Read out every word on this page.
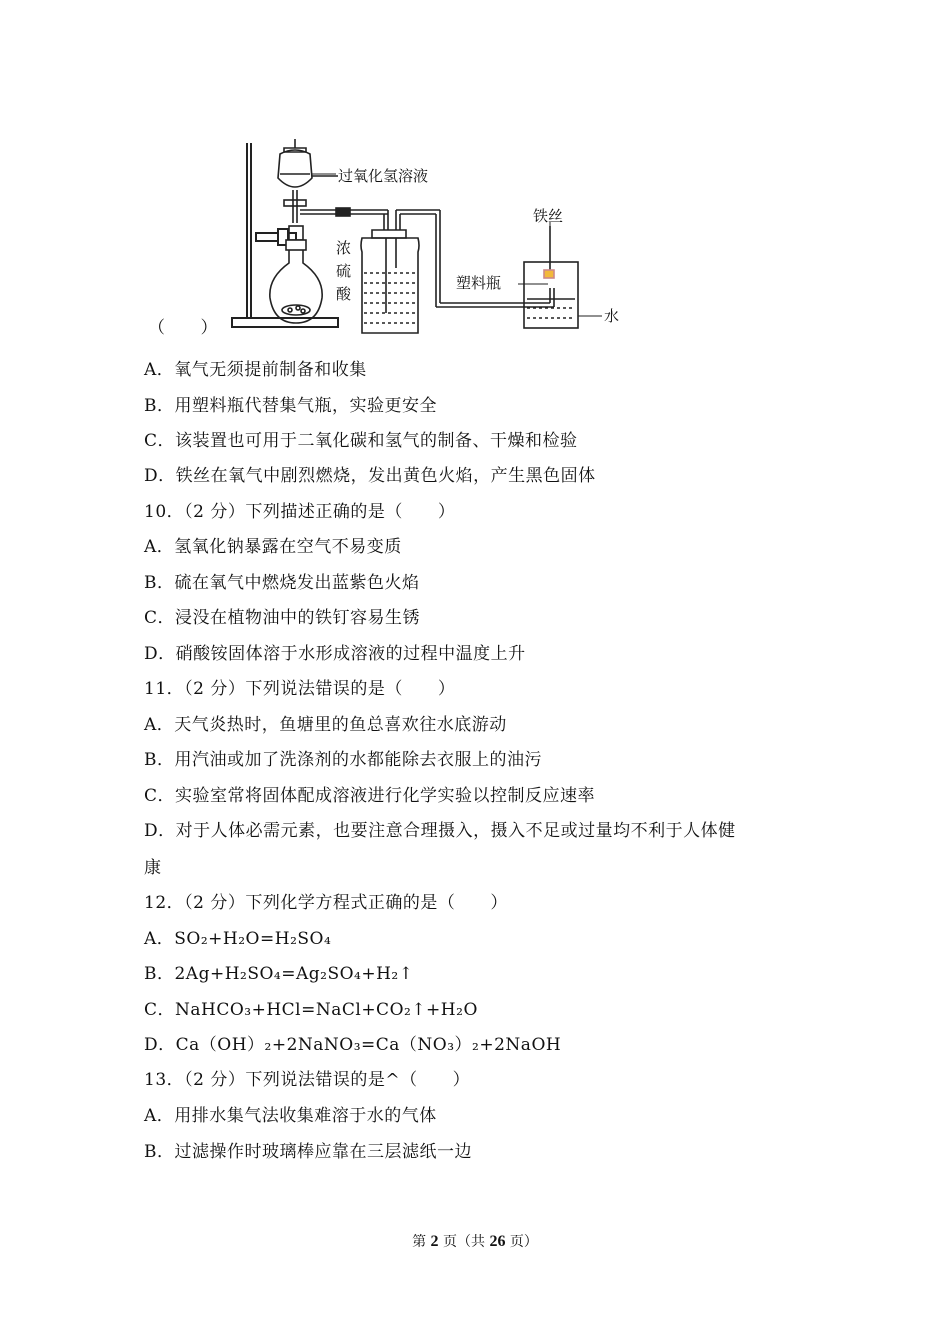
过氧化氢溶液
浓
硫
酸
铁丝
塑料瓶
水
（　　）
A．氧气无须提前制备和收集
B．用塑料瓶代替集气瓶，实验更安全
C．该装置也可用于二氧化碳和氢气的制备、干燥和检验
D．铁丝在氧气中剧烈燃烧，发出黄色火焰，产生黑色固体
10．（2 分）下列描述正确的是（　　）
A．氢氧化钠暴露在空气不易变质
B．硫在氧气中燃烧发出蓝紫色火焰
C．浸没在植物油中的铁钉容易生锈
D．硝酸铵固体溶于水形成溶液的过程中温度上升
11．（2 分）下列说法错误的是（　　）
A．天气炎热时，鱼塘里的鱼总喜欢往水底游动
B．用汽油或加了洗涤剂的水都能除去衣服上的油污
C．实验室常将固体配成溶液进行化学实验以控制反应速率
D．对于人体必需元素，也要注意合理摄入，摄入不足或过量均不利于人体健
康
12．（2 分）下列化学方程式正确的是（　　）
A．SO₂+H₂O=H₂SO₄
B．2Ag+H₂SO₄=Ag₂SO₄+H₂↑
C．NaHCO₃+HCl=NaCl+CO₂↑+H₂O
D．Ca（OH）₂+2NaNO₃=Ca（NO₃）₂+2NaOH
13．（2 分）下列说法错误的是^（　　）
A．用排水集气法收集难溶于水的气体
B．过滤操作时玻璃棒应靠在三层滤纸一边
第 2 页（共 26 页）
